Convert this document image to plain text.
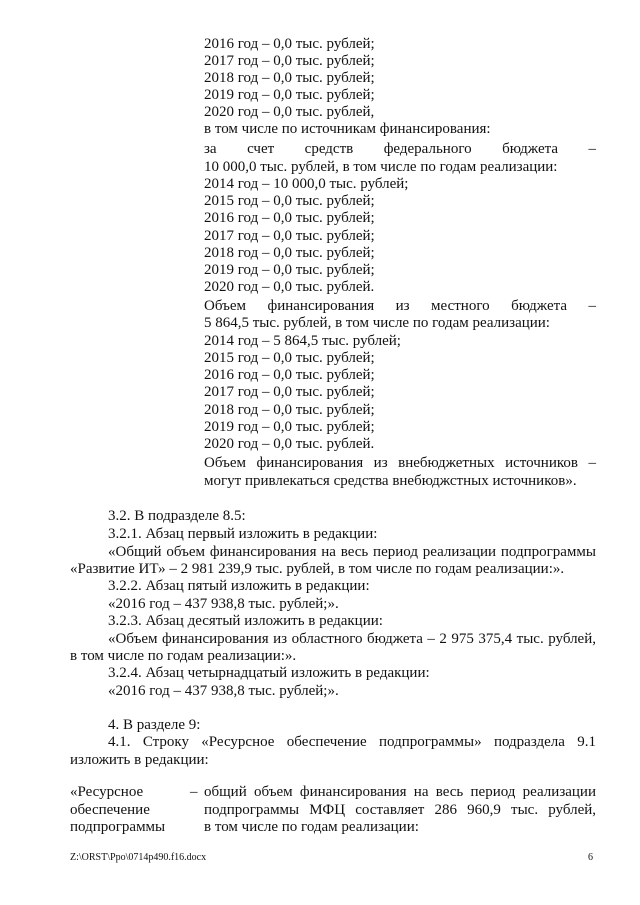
2016 год – 0,0 тыс. рублей;
2017 год – 0,0 тыс. рублей;
2018 год – 0,0 тыс. рублей;
2019 год – 0,0 тыс. рублей;
2020 год – 0,0 тыс. рублей,
в том числе по источникам финансирования:
за счет средств федерального бюджета –
10 000,0 тыс. рублей, в том числе по годам реализации:
2014 год – 10 000,0 тыс. рублей;
2015 год – 0,0 тыс. рублей;
2016 год – 0,0 тыс. рублей;
2017 год – 0,0 тыс. рублей;
2018 год – 0,0 тыс. рублей;
2019 год – 0,0 тыс. рублей;
2020 год – 0,0 тыс. рублей.
Объем финансирования из местного бюджета –
5 864,5 тыс. рублей, в том числе по годам реализации:
2014 год – 5 864,5 тыс. рублей;
2015 год – 0,0 тыс. рублей;
2016 год – 0,0 тыс. рублей;
2017 год – 0,0 тыс. рублей;
2018 год – 0,0 тыс. рублей;
2019 год – 0,0 тыс. рублей;
2020 год – 0,0 тыс. рублей.
Объем финансирования из внебюджетных источников –
могут привлекаться средства внебюджстных источников».
3.2. В подразделе 8.5:
3.2.1. Абзац первый изложить в редакции:
«Общий объем финансирования на весь период реализации подпрограммы
«Развитие ИТ» – 2 981 239,9 тыс. рублей, в том числе по годам реализации:».
3.2.2. Абзац пятый изложить в редакции:
«2016 год – 437 938,8 тыс. рублей;».
3.2.3. Абзац десятый изложить в редакции:
«Объем финансирования из областного бюджета – 2 975 375,4 тыс. рублей,
в том числе по годам реализации:».
3.2.4. Абзац четырнадцатый изложить в редакции:
«2016 год – 437 938,8 тыс. рублей;».
4. В разделе 9:
4.1. Строку «Ресурсное обеспечение подпрограммы» подраздела 9.1
изложить в редакции:
«Ресурсное
обеспечение
подпрограммы
– общий объем финансирования на весь период реализации
подпрограммы МФЦ составляет 286 960,9 тыс. рублей,
в том числе по годам реализации:
Z:\ORST\Ppo\0714p490.f16.docx	6
